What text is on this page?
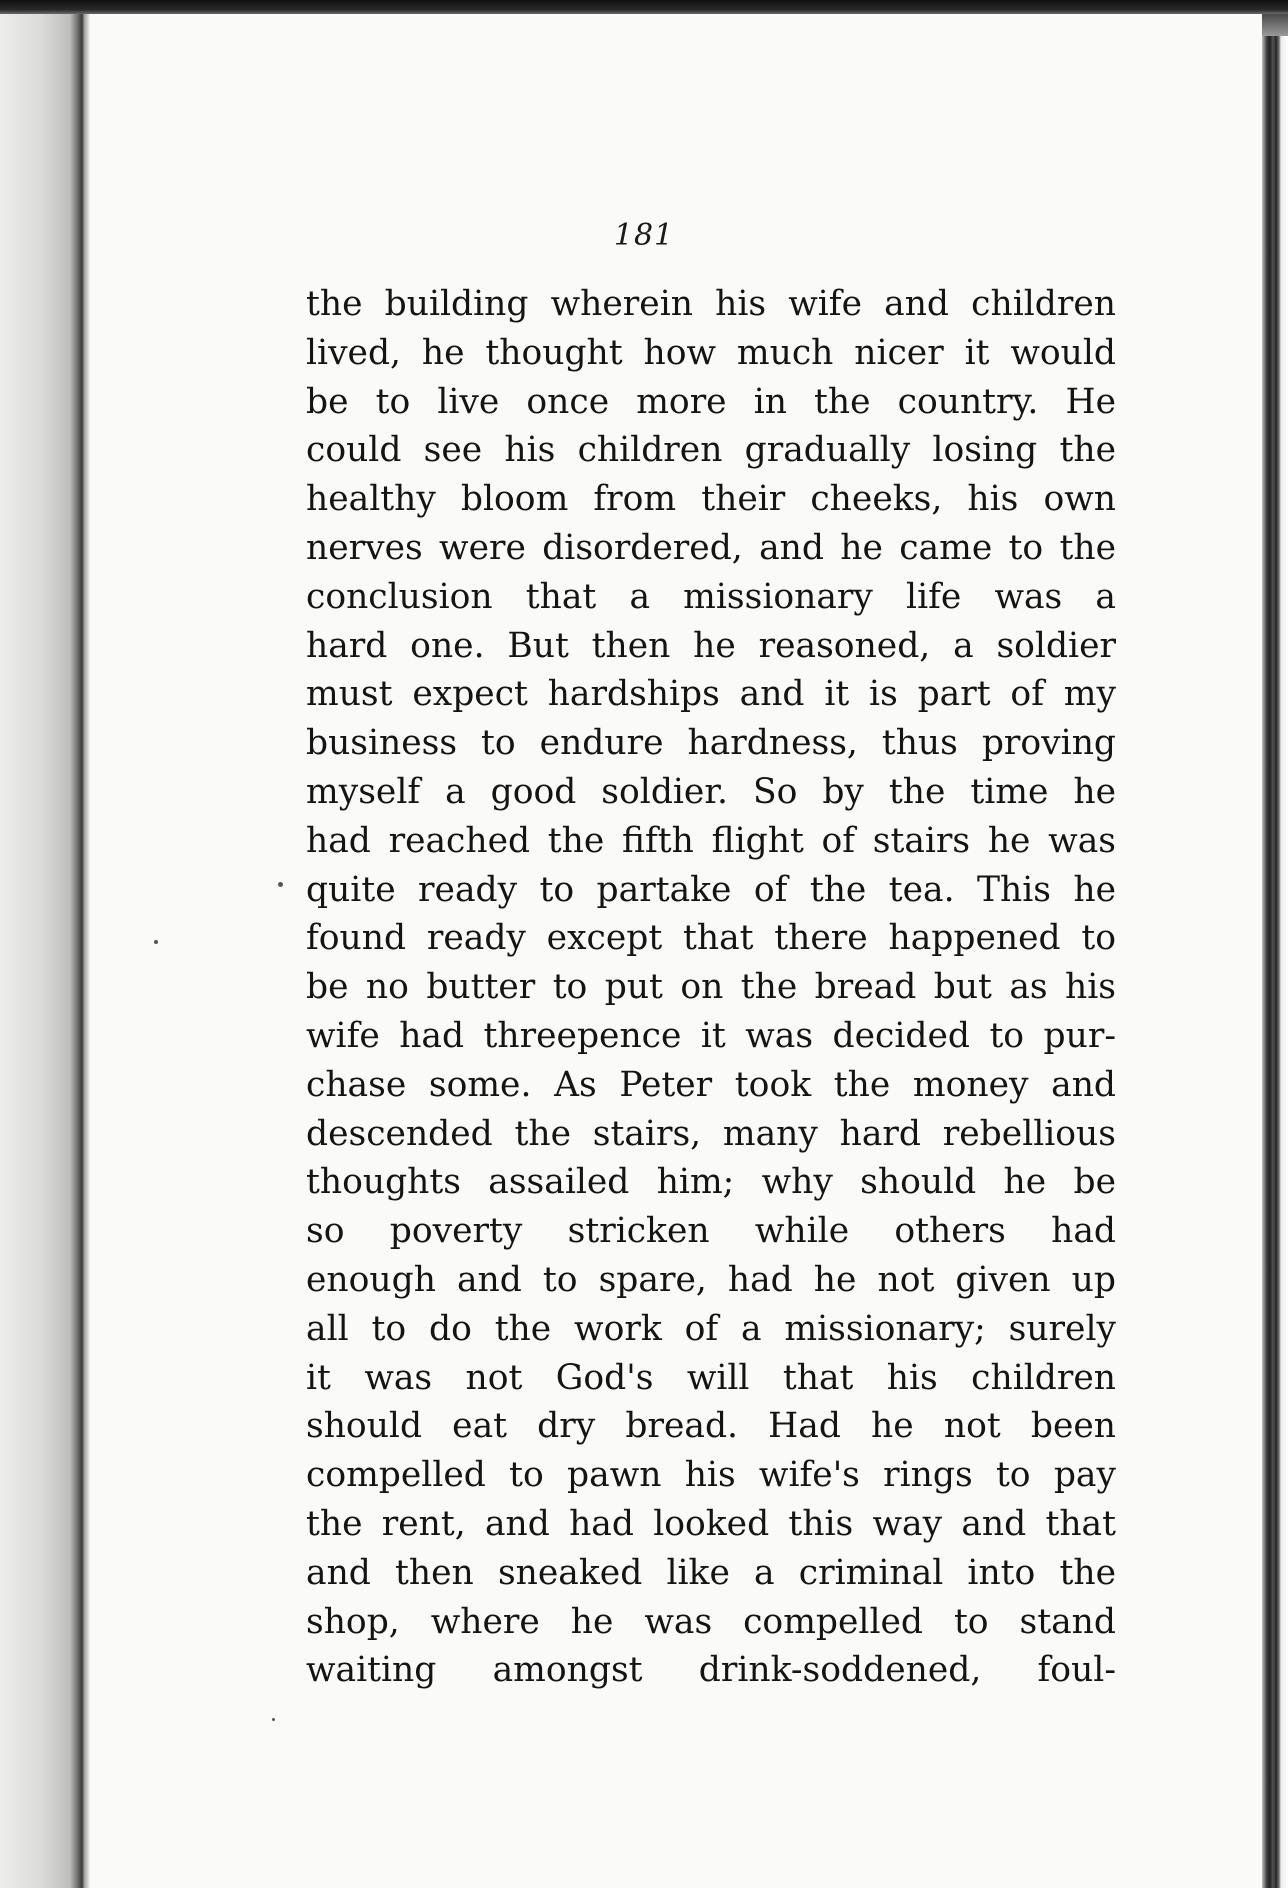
181
the building wherein his wife and children
lived, he thought how much nicer it would
be to live once more in the country. He
could see his children gradually losing the
healthy bloom from their cheeks, his own
nerves were disordered, and he came to the
conclusion that a missionary life was a
hard one. But then he reasoned, a soldier
must expect hardships and it is part of my
business to endure hardness, thus proving
myself a good soldier. So by the time he
had reached the fifth flight of stairs he was
quite ready to partake of the tea. This he
found ready except that there happened to
be no butter to put on the bread but as his
wife had threepence it was decided to pur-
chase some. As Peter took the money and
descended the stairs, many hard rebellious
thoughts assailed him; why should he be
so poverty stricken while others had
enough and to spare, had he not given up
all to do the work of a missionary; surely
it was not God's will that his children
should eat dry bread. Had he not been
compelled to pawn his wife's rings to pay
the rent, and had looked this way and that
and then sneaked like a criminal into the
shop, where he was compelled to stand
waiting amongst drink-soddened, foul-
